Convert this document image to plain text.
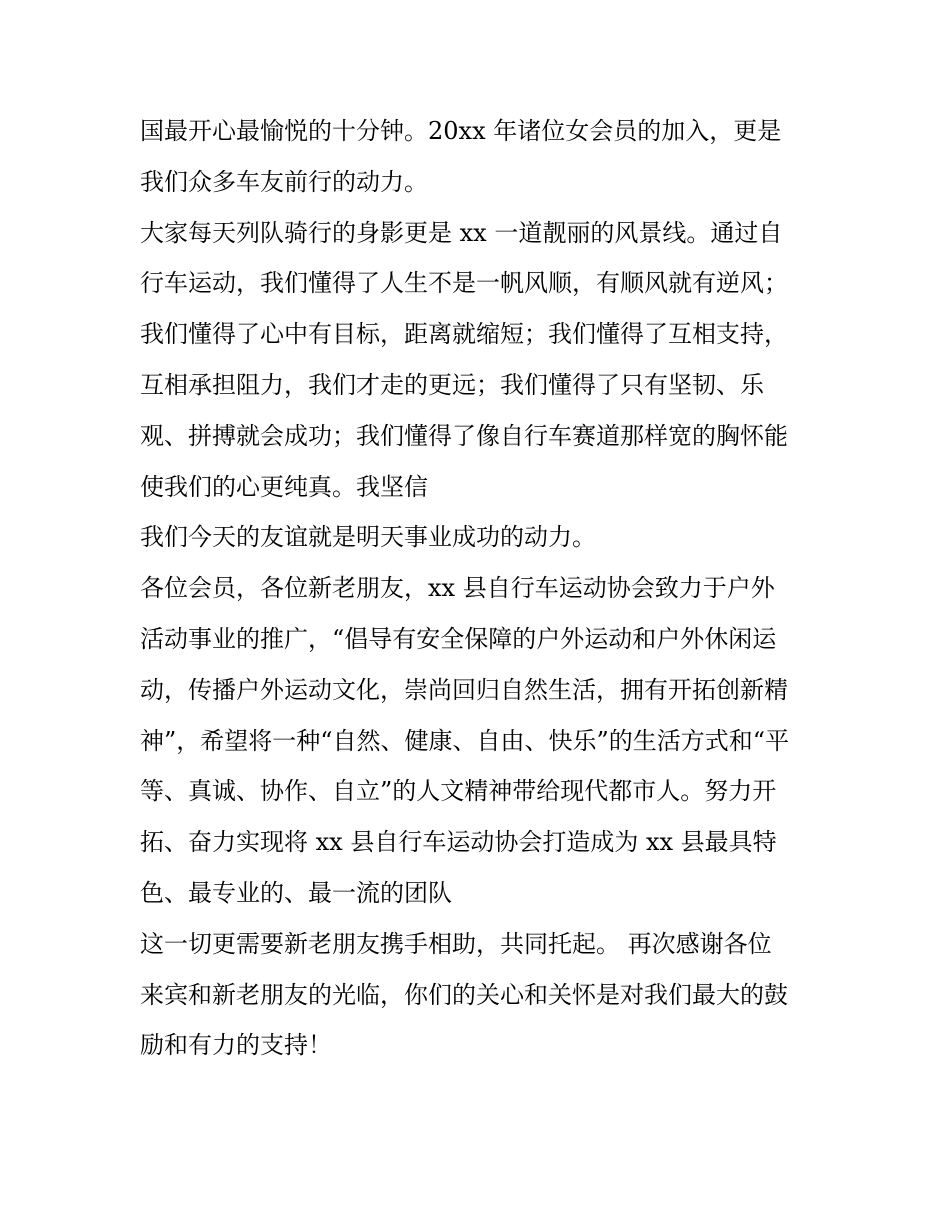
国最开心最愉悦的十分钟。20xx 年诸位女会员的加入，更是
我们众多车友前行的动力。
大家每天列队骑行的身影更是 xx 一道靓丽的风景线。通过自
行车运动，我们懂得了人生不是一帆风顺，有顺风就有逆风；
我们懂得了心中有目标，距离就缩短；我们懂得了互相支持，
互相承担阻力，我们才走的更远；我们懂得了只有坚韧、乐
观、拼搏就会成功；我们懂得了像自行车赛道那样宽的胸怀能
使我们的心更纯真。我坚信
我们今天的友谊就是明天事业成功的动力。
各位会员，各位新老朋友，xx 县自行车运动协会致力于户外
活动事业的推广，“倡导有安全保障的户外运动和户外休闲运
动，传播户外运动文化，崇尚回归自然生活，拥有开拓创新精
神”，希望将一种“自然、健康、自由、快乐”的生活方式和“平
等、真诚、协作、自立”的人文精神带给现代都市人。努力开
拓、奋力实现将 xx 县自行车运动协会打造成为 xx 县最具特
色、最专业的、最一流的团队
这一切更需要新老朋友携手相助，共同托起。 再次感谢各位
来宾和新老朋友的光临，你们的关心和关怀是对我们最大的鼓
励和有力的支持！
